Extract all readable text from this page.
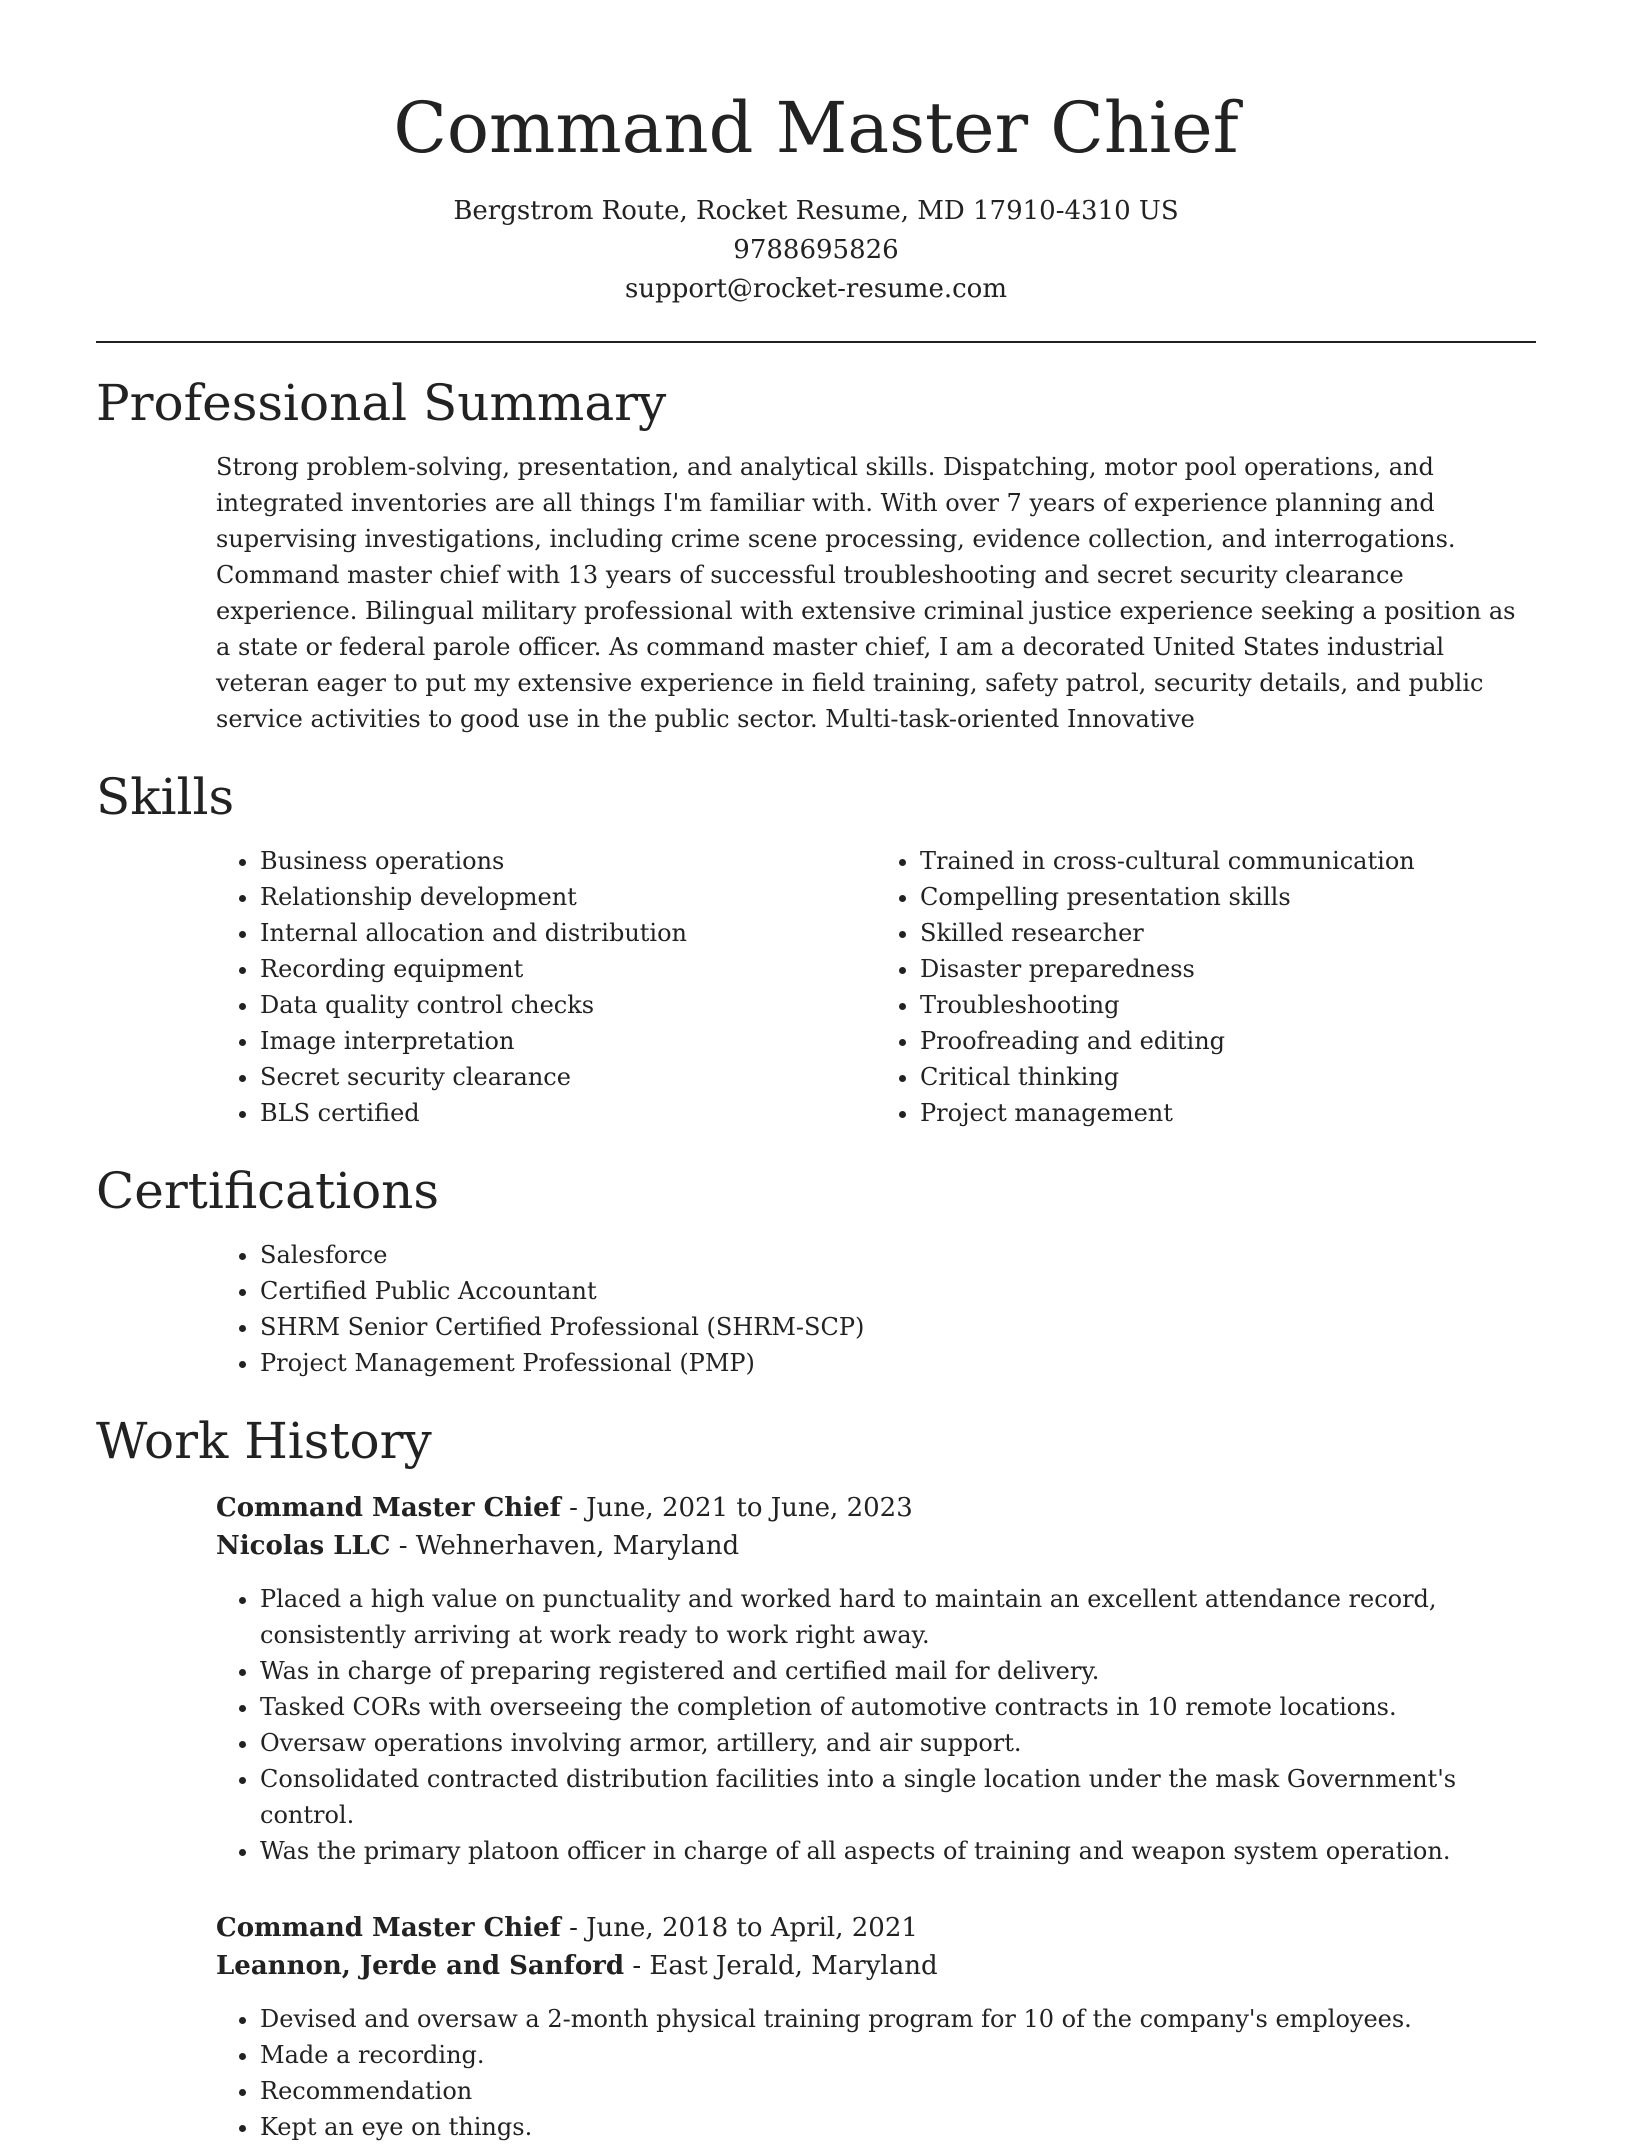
Command Master Chief

Bergstrom Route, Rocket Resume, MD 17910-4310 US

9788695826

support@rocket-resume.com

Professional Summary

Strong problem-solving, presentation, and analytical skills. Dispatching, motor pool operations, and integrated inventories are all things I'm familiar with. With over 7 years of experience planning and supervising investigations, including crime scene processing, evidence collection, and interrogations. Command master chief with 13 years of successful troubleshooting and secret security clearance experience. Bilingual military professional with extensive criminal justice experience seeking a position as a state or federal parole officer. As command master chief, I am a decorated United States industrial veteran eager to put my extensive experience in field training, safety patrol, security details, and public service activities to good use in the public sector. Multi-task-oriented Innovative

Skills
• Business operations
• Relationship development
• Internal allocation and distribution
• Recording equipment
• Data quality control checks
• Image interpretation
• Secret security clearance
• BLS certified
• Trained in cross-cultural communication
• Compelling presentation skills
• Skilled researcher
• Disaster preparedness
• Troubleshooting
• Proofreading and editing
• Critical thinking
• Project management
Certifications
• Salesforce
• Certified Public Accountant
• SHRM Senior Certified Professional (SHRM-SCP)
• Project Management Professional (PMP)
Work History

Command Master Chief - June, 2021 to June, 2023

Nicolas LLC - Wehnerhaven, Maryland

• Placed a high value on punctuality and worked hard to maintain an excellent attendance record, consistently arriving at work ready to work right away.
• Was in charge of preparing registered and certified mail for delivery.
• Tasked CORs with overseeing the completion of automotive contracts in 10 remote locations.
• Oversaw operations involving armor, artillery, and air support.
• Consolidated contracted distribution facilities into a single location under the mask Government's control.
• Was the primary platoon officer in charge of all aspects of training and weapon system operation.

Command Master Chief - June, 2018 to April, 2021

Leannon, Jerde and Sanford - East Jerald, Maryland

• Devised and oversaw a 2-month physical training program for 10 of the company's employees.
• Made a recording.
• Recommendation
• Kept an eye on things.
